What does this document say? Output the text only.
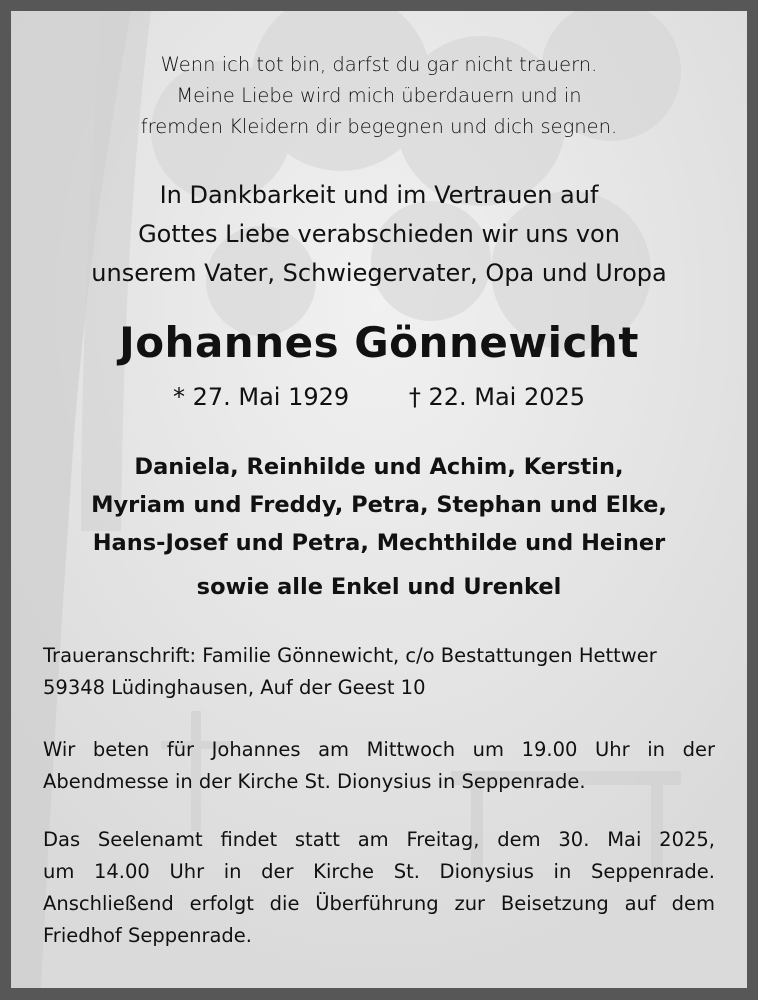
Wenn ich tot bin, darfst du gar nicht trauern.
Meine Liebe wird mich überdauern und in
fremden Kleidern dir begegnen und dich segnen.
In Dankbarkeit und im Vertrauen auf
Gottes Liebe verabschieden wir uns von
unserem Vater, Schwiegervater, Opa und Uropa
Johannes Gönnewicht
* 27. Mai 1929 † 22. Mai 2025
Daniela, Reinhilde und Achim, Kerstin,
Myriam und Freddy, Petra, Stephan und Elke,
Hans-Josef und Petra, Mechthilde und Heiner
sowie alle Enkel und Urenkel
Traueranschrift: Familie Gönnewicht, c/o Bestattungen Hettwer
59348 Lüdinghausen, Auf der Geest 10
Wir beten für Johannes am Mittwoch um 19.00 Uhr in der
Abendmesse in der Kirche St. Dionysius in Seppenrade.
Das Seelenamt findet statt am Freitag, dem 30. Mai 2025,
um 14.00 Uhr in der Kirche St. Dionysius in Seppenrade.
Anschließend erfolgt die Überführung zur Beisetzung auf dem
Friedhof Seppenrade.
